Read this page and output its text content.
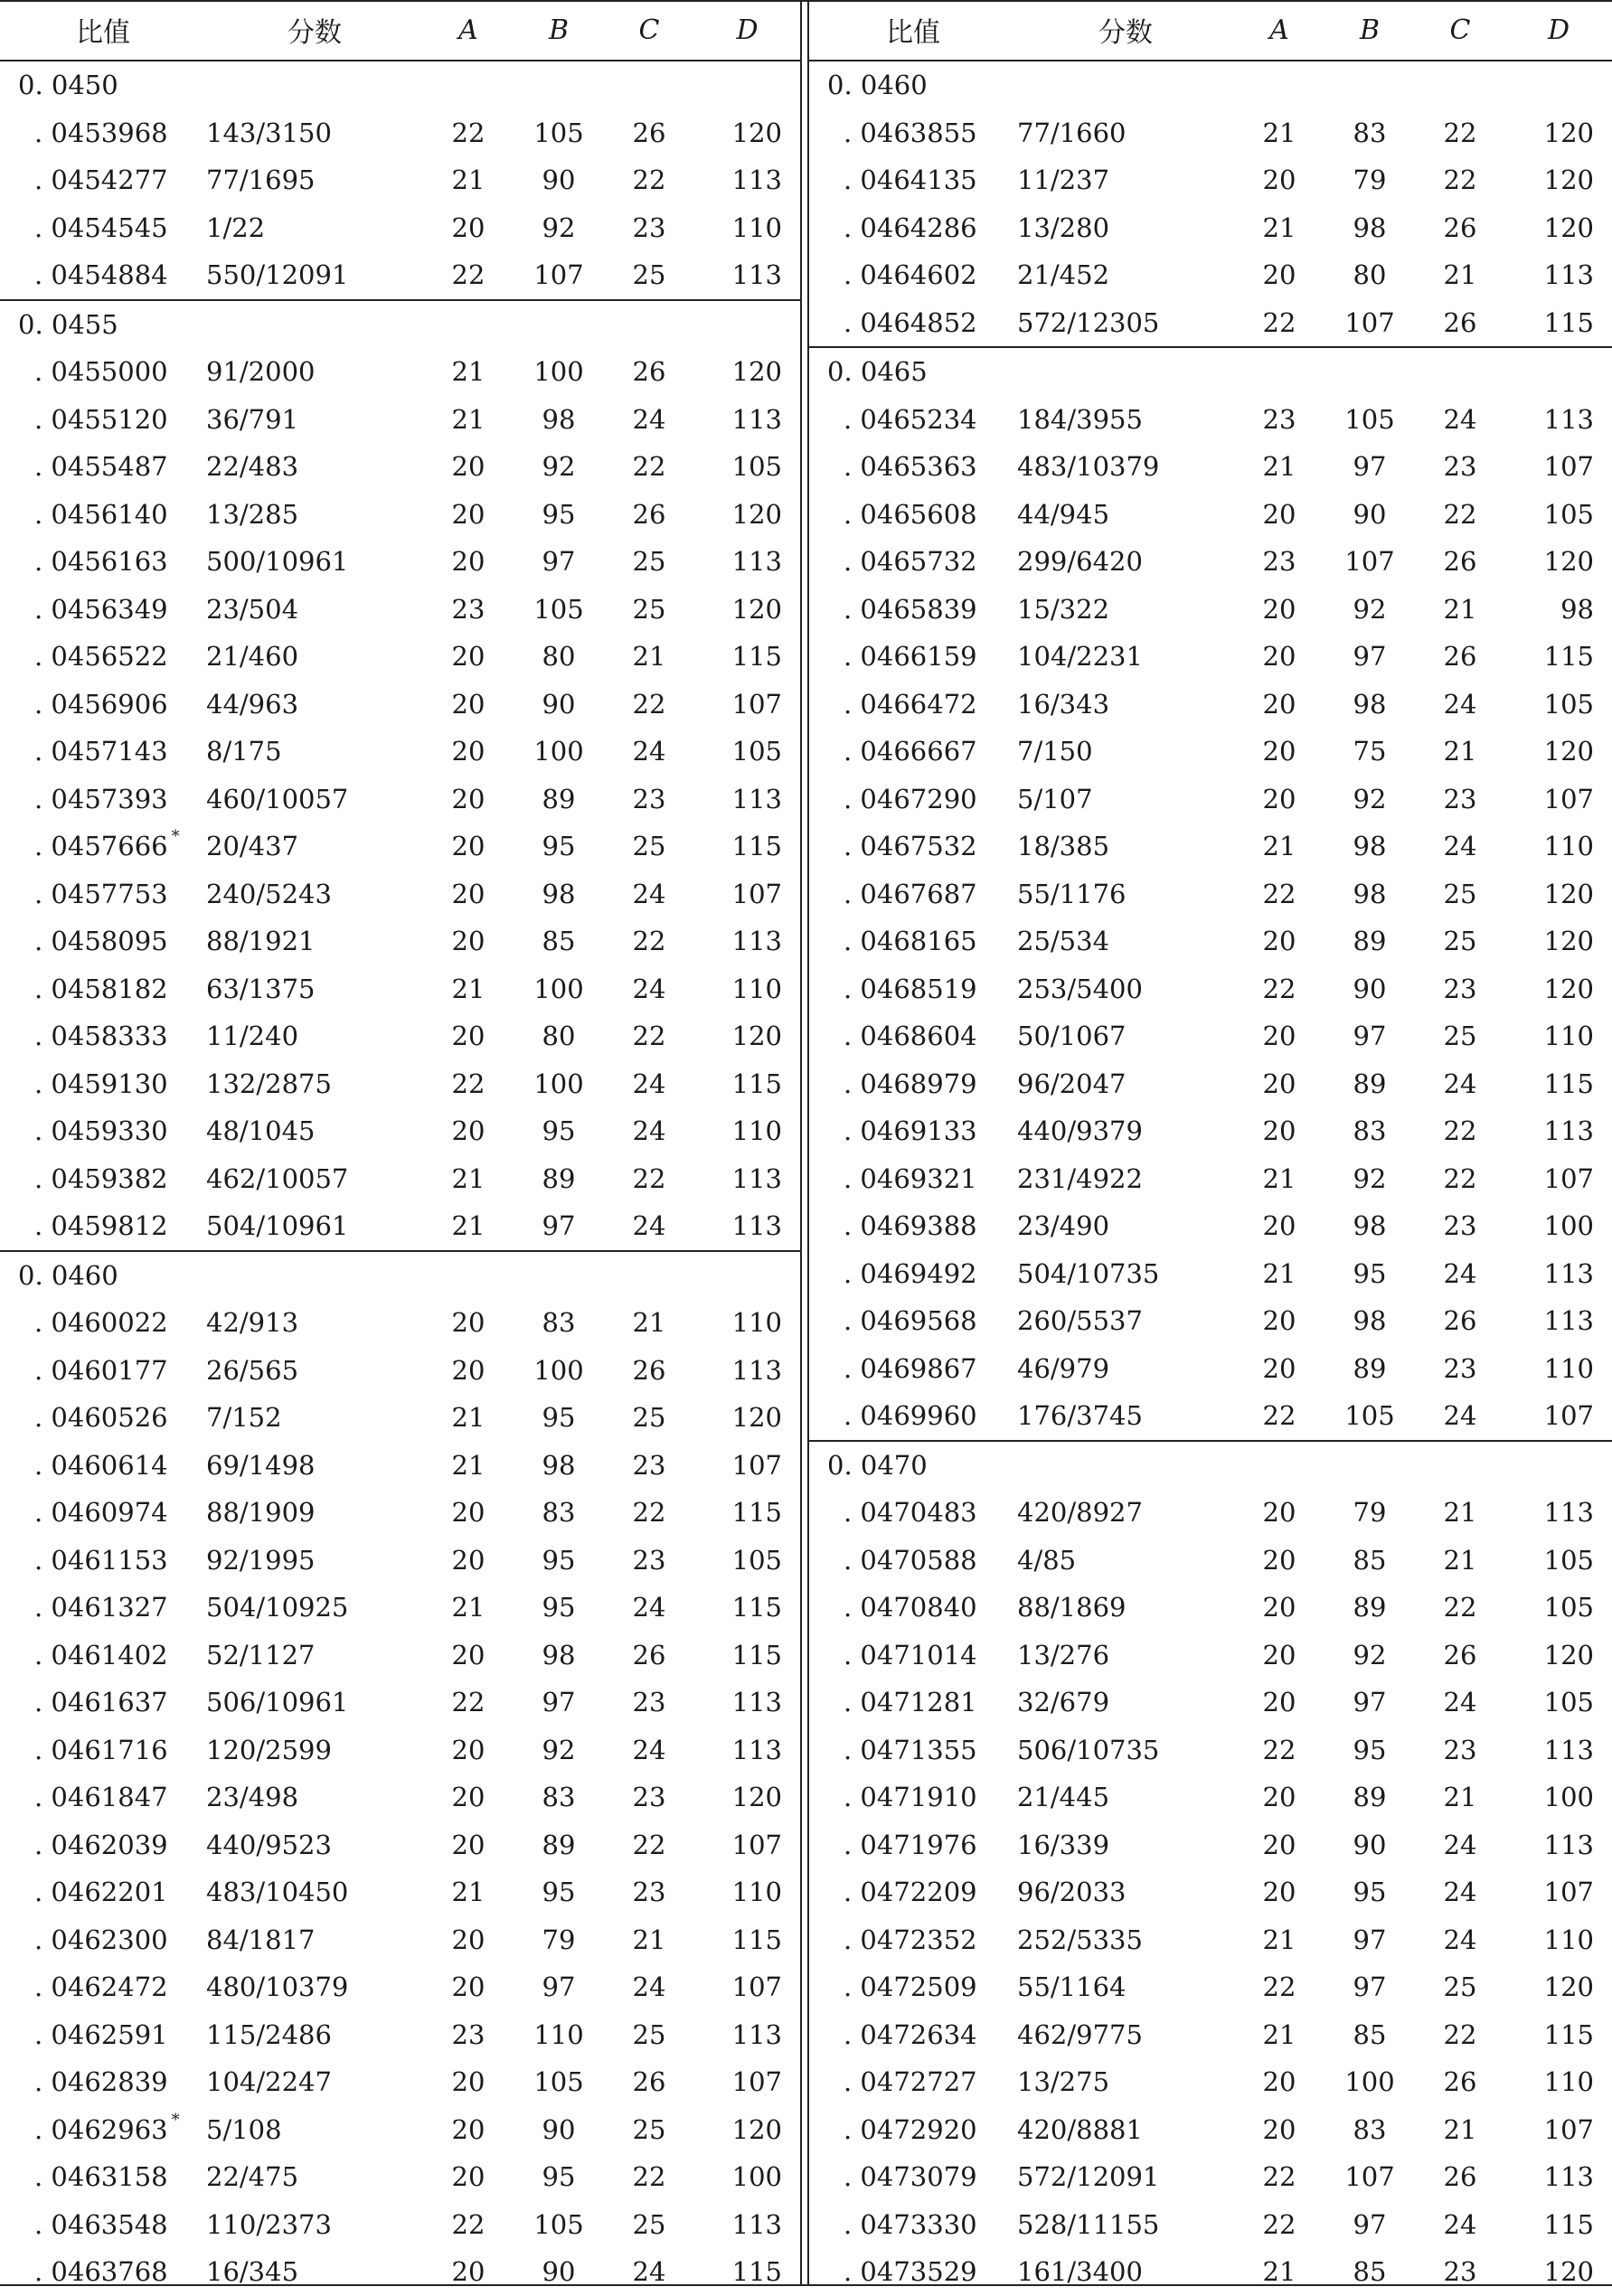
比值	分数	A	B	C	D
0. 0450					
. 0453968	143/3150	22	105	26	120
. 0454277	77/1695	21	90	22	113
. 0454545	1/22	20	92	23	110
. 0454884	550/12091	22	107	25	113
0. 0455					
. 0455000	91/2000	21	100	26	120
. 0455120	36/791	21	98	24	113
. 0455487	22/483	20	92	22	105
. 0456140	13/285	20	95	26	120
. 0456163	500/10961	20	97	25	113
. 0456349	23/504	23	105	25	120
. 0456522	21/460	20	80	21	115
. 0456906	44/963	20	90	22	107
. 0457143	8/175	20	100	24	105
. 0457393	460/10057	20	89	23	113
. 0457666 *	20/437	20	95	25	115
. 0457753	240/5243	20	98	24	107
. 0458095	88/1921	20	85	22	113
. 0458182	63/1375	21	100	24	110
. 0458333	11/240	20	80	22	120
. 0459130	132/2875	22	100	24	115
. 0459330	48/1045	20	95	24	110
. 0459382	462/10057	21	89	22	113
. 0459812	504/10961	21	97	24	113
0. 0460					
. 0460022	42/913	20	83	21	110
. 0460177	26/565	20	100	26	113
. 0460526	7/152	21	95	25	120
. 0460614	69/1498	21	98	23	107
. 0460974	88/1909	20	83	22	115
. 0461153	92/1995	20	95	23	105
. 0461327	504/10925	21	95	24	115
. 0461402	52/1127	20	98	26	115
. 0461637	506/10961	22	97	23	113
. 0461716	120/2599	20	92	24	113
. 0461847	23/498	20	83	23	120
. 0462039	440/9523	20	89	22	107
. 0462201	483/10450	21	95	23	110
. 0462300	84/1817	20	79	21	115
. 0462472	480/10379	20	97	24	107
. 0462591	115/2486	23	110	25	113
. 0462839	104/2247	20	105	26	107
. 0462963 *	5/108	20	90	25	120
. 0463158	22/475	20	95	22	100
. 0463548	110/2373	22	105	25	113
. 0463768	16/345	20	90	24	115
比值	分数	A	B	C	D
0. 0460					
. 0463855	77/1660	21	83	22	120
. 0464135	11/237	20	79	22	120
. 0464286	13/280	21	98	26	120
. 0464602	21/452	20	80	21	113
. 0464852	572/12305	22	107	26	115
0. 0465					
. 0465234	184/3955	23	105	24	113
. 0465363	483/10379	21	97	23	107
. 0465608	44/945	20	90	22	105
. 0465732	299/6420	23	107	26	120
. 0465839	15/322	20	92	21	98
. 0466159	104/2231	20	97	26	115
. 0466472	16/343	20	98	24	105
. 0466667	7/150	20	75	21	120
. 0467290	5/107	20	92	23	107
. 0467532	18/385	21	98	24	110
. 0467687	55/1176	22	98	25	120
. 0468165	25/534	20	89	25	120
. 0468519	253/5400	22	90	23	120
. 0468604	50/1067	20	97	25	110
. 0468979	96/2047	20	89	24	115
. 0469133	440/9379	20	83	22	113
. 0469321	231/4922	21	92	22	107
. 0469388	23/490	20	98	23	100
. 0469492	504/10735	21	95	24	113
. 0469568	260/5537	20	98	26	113
. 0469867	46/979	20	89	23	110
. 0469960	176/3745	22	105	24	107
0. 0470					
. 0470483	420/8927	20	79	21	113
. 0470588	4/85	20	85	21	105
. 0470840	88/1869	20	89	22	105
. 0471014	13/276	20	92	26	120
. 0471281	32/679	20	97	24	105
. 0471355	506/10735	22	95	23	113
. 0471910	21/445	20	89	21	100
. 0471976	16/339	20	90	24	113
. 0472209	96/2033	20	95	24	107
. 0472352	252/5335	21	97	24	110
. 0472509	55/1164	22	97	25	120
. 0472634	462/9775	21	85	22	115
. 0472727	13/275	20	100	26	110
. 0472920	420/8881	20	83	21	107
. 0473079	572/12091	22	107	26	113
. 0473330	528/11155	22	97	24	115
. 0473529	161/3400	21	85	23	120
